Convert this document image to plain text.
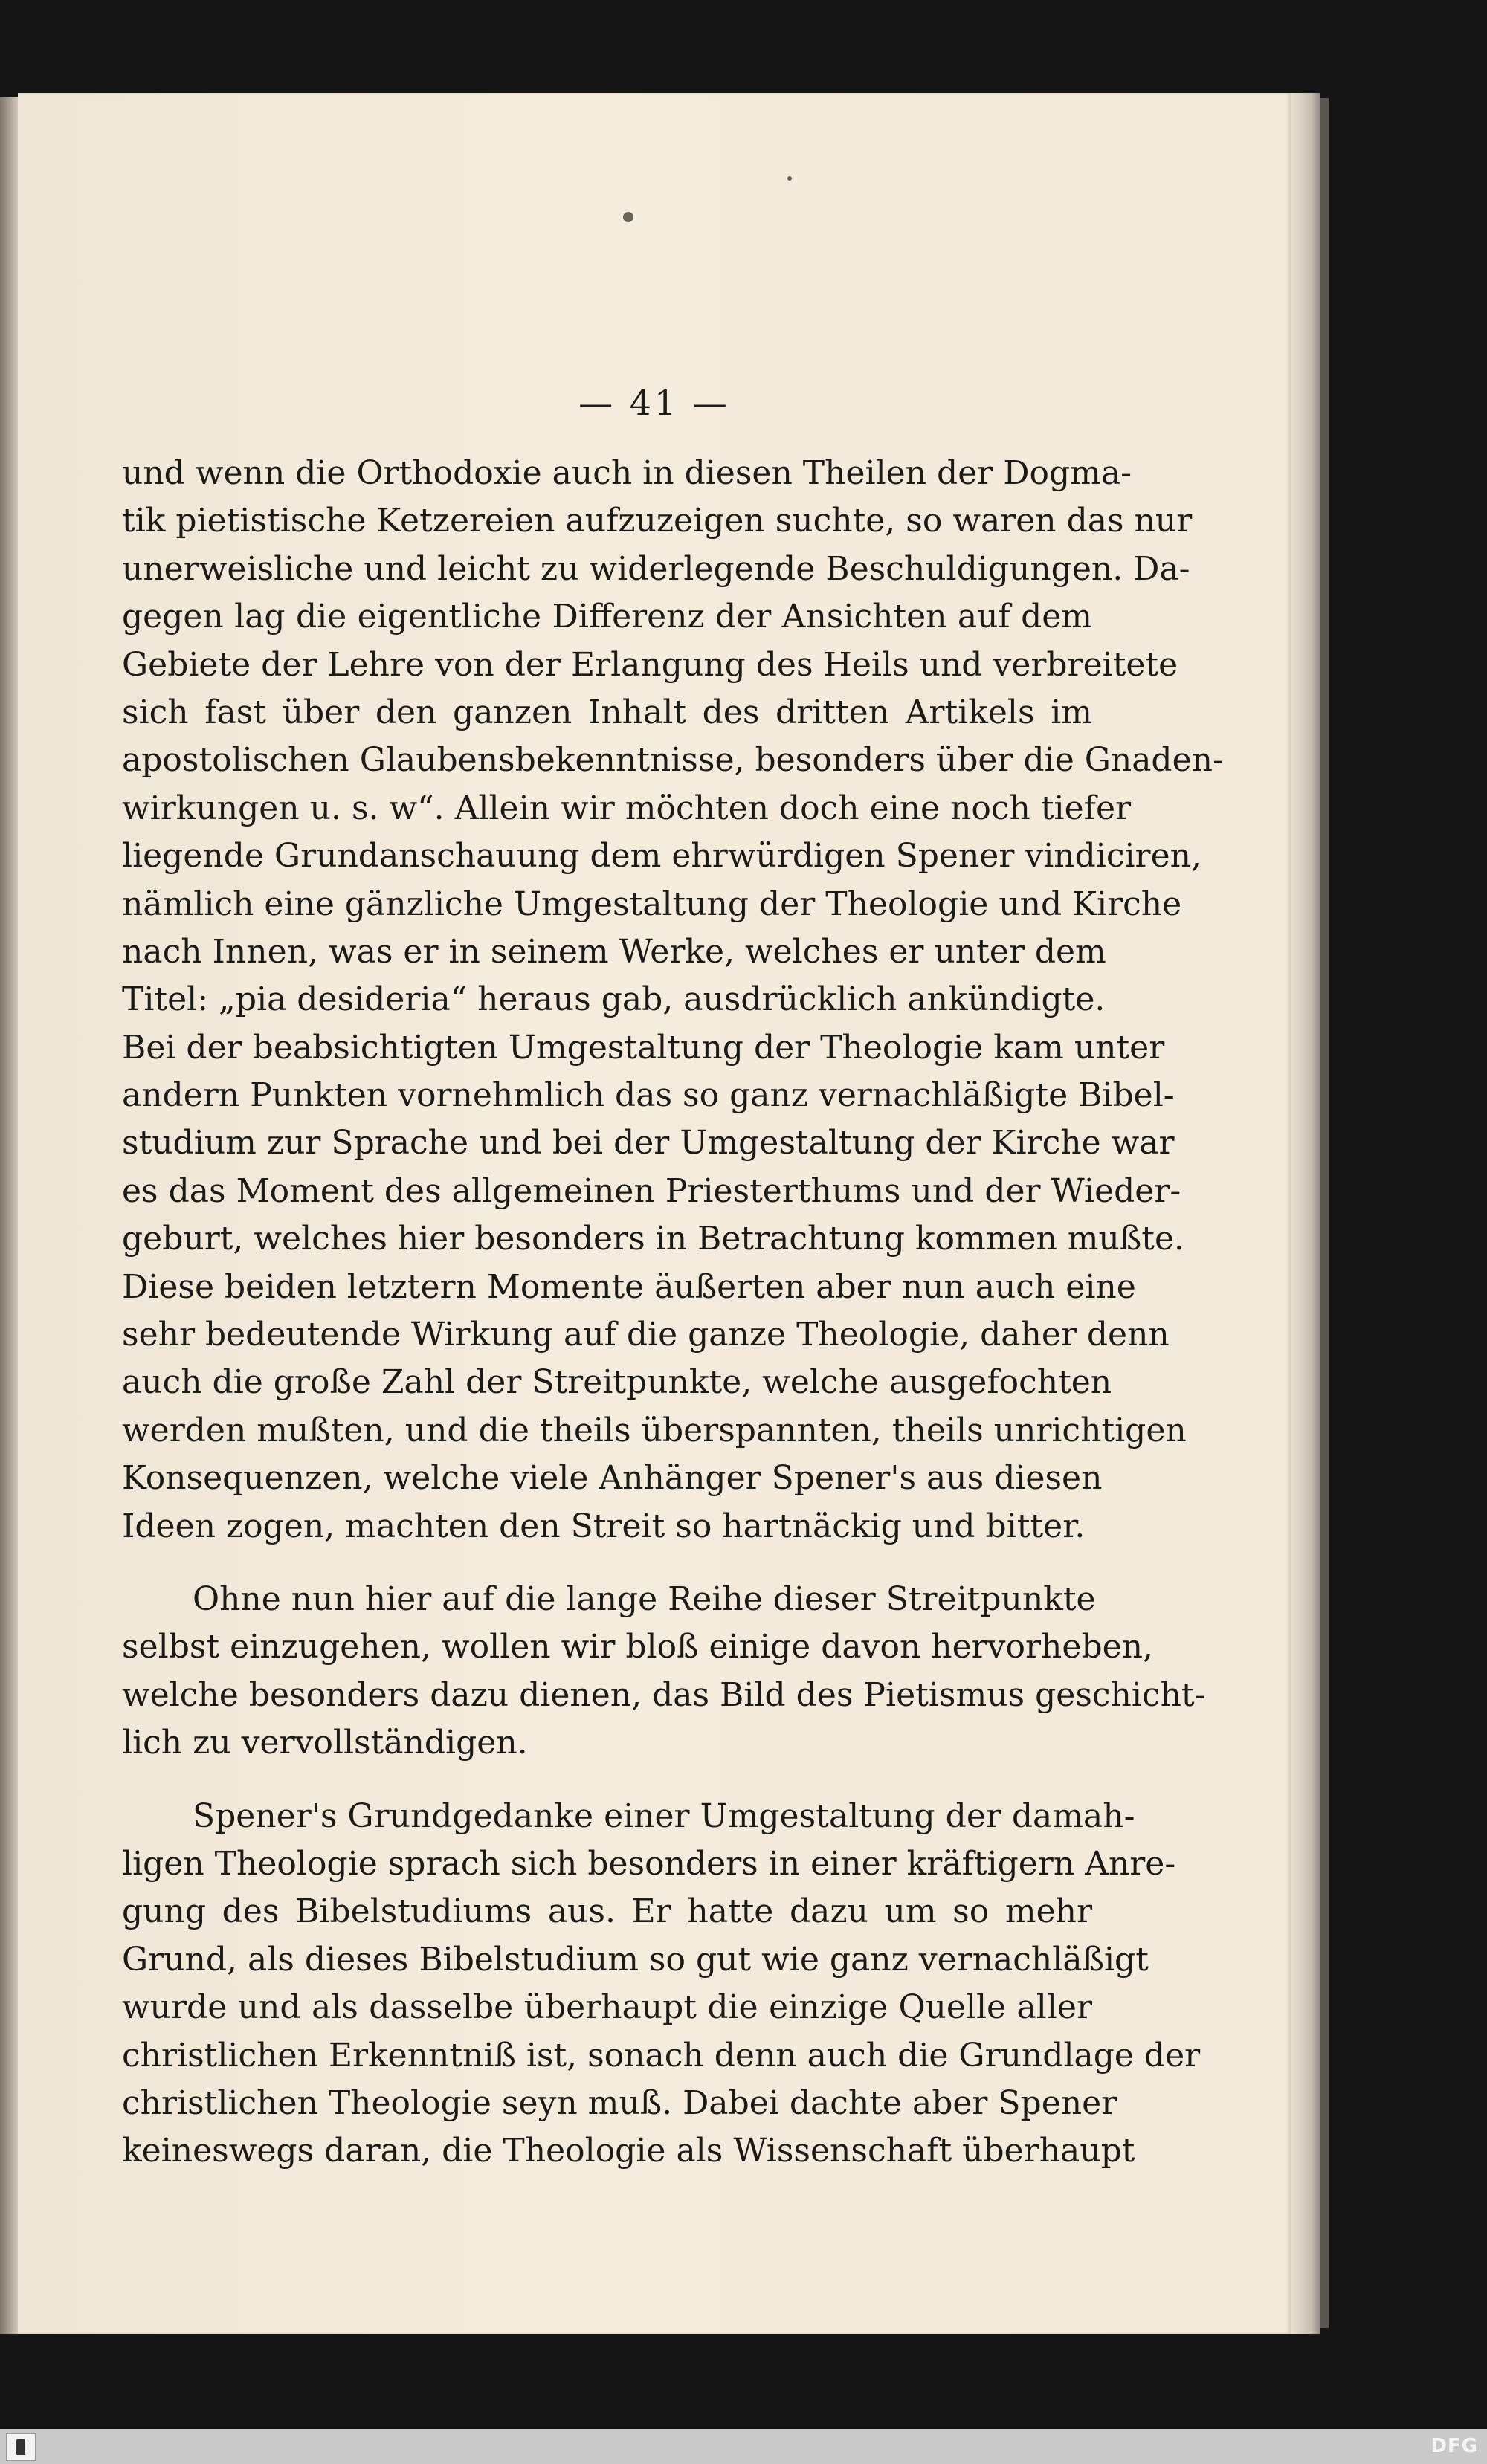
— 41 —
und wenn die Orthodoxie auch in diesen Theilen der Dogma-
tik pietistische Ketzereien aufzuzeigen suchte, so waren das nur
unerweisliche und leicht zu widerlegende Beschuldigungen. Da-
gegen lag die eigentliche Differenz der Ansichten auf dem
Gebiete der Lehre von der Erlangung des Heils und verbreitete
sich fast über den ganzen Inhalt des dritten Artikels im
apostolischen Glaubensbekenntnisse, besonders über die Gnaden-
wirkungen u. s. w“. Allein wir möchten doch eine noch tiefer
liegende Grundanschauung dem ehrwürdigen Spener vindiciren,
nämlich eine gänzliche Umgestaltung der Theologie und Kirche
nach Innen, was er in seinem Werke, welches er unter dem
Titel: „pia desideria“ heraus gab, ausdrücklich ankündigte.
Bei der beabsichtigten Umgestaltung der Theologie kam unter
andern Punkten vornehmlich das so ganz vernachläßigte Bibel-
studium zur Sprache und bei der Umgestaltung der Kirche war
es das Moment des allgemeinen Priesterthums und der Wieder-
geburt, welches hier besonders in Betrachtung kommen mußte.
Diese beiden letztern Momente äußerten aber nun auch eine
sehr bedeutende Wirkung auf die ganze Theologie, daher denn
auch die große Zahl der Streitpunkte, welche ausgefochten
werden mußten, und die theils überspannten, theils unrichtigen
Konsequenzen, welche viele Anhänger Spener's aus diesen
Ideen zogen, machten den Streit so hartnäckig und bitter.
Ohne nun hier auf die lange Reihe dieser Streitpunkte
selbst einzugehen, wollen wir bloß einige davon hervorheben,
welche besonders dazu dienen, das Bild des Pietismus geschicht-
lich zu vervollständigen.
Spener's Grundgedanke einer Umgestaltung der damah-
ligen Theologie sprach sich besonders in einer kräftigern Anre-
gung des Bibelstudiums aus. Er hatte dazu um so mehr
Grund, als dieses Bibelstudium so gut wie ganz vernachläßigt
wurde und als dasselbe überhaupt die einzige Quelle aller
christlichen Erkenntniß ist, sonach denn auch die Grundlage der
christlichen Theologie seyn muß. Dabei dachte aber Spener
keineswegs daran, die Theologie als Wissenschaft überhaupt
DFG
